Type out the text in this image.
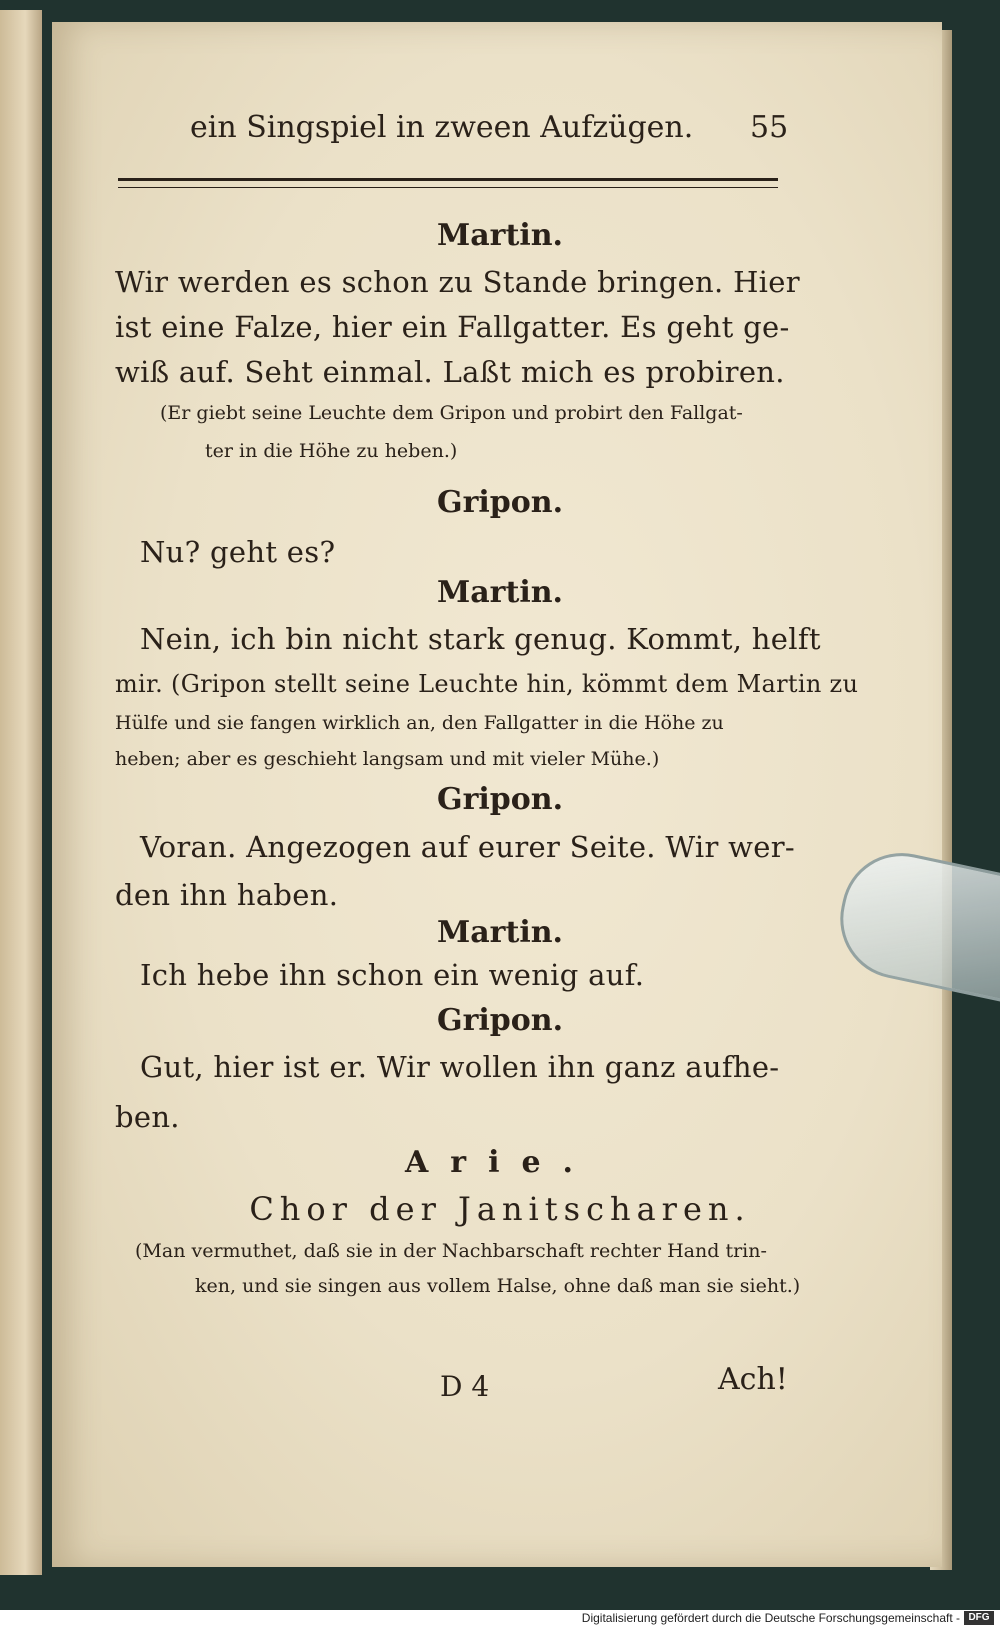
ein Singspiel in zween Aufzügen. 55
Martin.
Wir werden es schon zu Stande bringen. Hier
ist eine Falze, hier ein Fallgatter. Es geht ge-
wiß auf. Seht einmal. Laßt mich es probiren.
(Er giebt seine Leuchte dem Gripon und probirt den Fallgat-
ter in die Höhe zu heben.)
Gripon.
Nu? geht es?
Martin.
Nein, ich bin nicht stark genug. Kommt, helft
mir. (Gripon stellt seine Leuchte hin, kömmt dem Martin zu
Hülfe und sie fangen wirklich an, den Fallgatter in die Höhe zu
heben; aber es geschieht langsam und mit vieler Mühe.)
Gripon.
Voran. Angezogen auf eurer Seite. Wir wer-
den ihn haben.
Martin.
Ich hebe ihn schon ein wenig auf.
Gripon.
Gut, hier ist er. Wir wollen ihn ganz aufhe-
ben.
Arie.
Chor der Janitscharen.
(Man vermuthet, daß sie in der Nachbarschaft rechter Hand trin-
ken, und sie singen aus vollem Halse, ohne daß man sie sieht.)
D 4	Ach!
Digitalisierung gefördert durch die Deutsche Forschungsgemeinschaft - DFG
